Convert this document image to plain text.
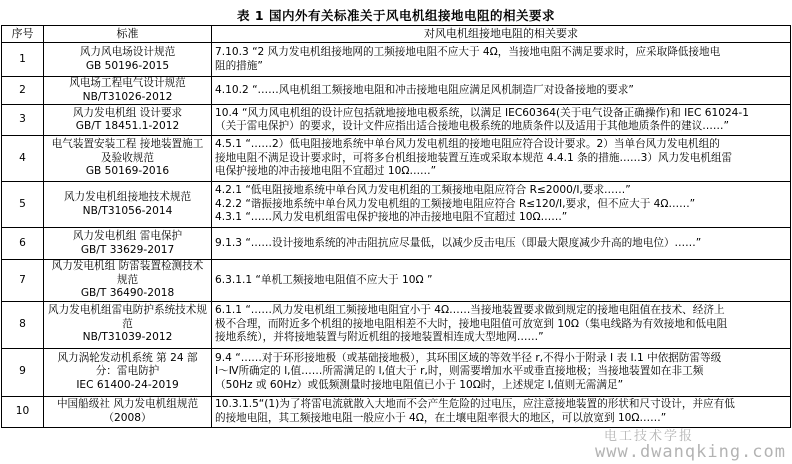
表 1 国内外有关标准关于风电机组接地电阻的相关要求
序号	标准	对风电机组接地电阻的相关要求
1	风力风电场设计规范
GB 50196-2015	7.10.3 “2 风力发电机组接地网的工频接地电阻不应大于 4Ω，当接地电阻不满足要求时，应采取降低接地电
阻的措施”

2	风电场工程电气设计规范
NB/T31026-2012	4.10.2 “……风电机组工频接地电阻和冲击接地电阻应满足风机制造厂对设备接地的要求”

3	风力发电机组 设计要求
GB/T 18451.1-2012	10.4 “风力风电机组的设计应包括就地接地电极系统，以满足 IEC60364(关于电气设备正确操作)和 IEC 61024-1
（关于雷电保护）的要求，设计文件应指出适合接地电极系统的地质条件以及适用于其他地质条件的建议……”

4	电气装置安装工程 接地装置施工及验收规范
GB 50169-2016	4.5.1 “……2）低电阻接地系统中单台风力发电机组的接地电阻应符合设计要求。2）当单台风力发电机组的
接地电阻不满足设计要求时，可将多台机组接地装置互连或采取本规范 4.4.1 条的措施……3）风力发电机组雷
电保护接地的冲击接地电阻不宜超过 10Ω……”

5	风力发电机组接地技术规范
NB/T31056-2014	4.2.1 “低电阻接地系统中单台风力发电机组的工频接地电阻应符合 R≤2000/I,要求……”
4.2.2 “谐振接地系统中单台风力发电机组的工频接地电阻应符合 R≤120/I,要求，但不应大于 4Ω……”
4.3.1 “……风力发电机组雷电保护接地的冲击接地电阻不宜超过 10Ω……”

6	风力发电机组 雷电保护
GB/T 33629-2017	9.1.3 “……设计接地系统的冲击阻抗应尽量低，以减少反击电压（即最大限度减少升高的地电位）……”

7	风力发电机组 防雷装置检测技术规范
GB/T 36490-2018	6.3.1.1 “单机工频接地电阻值不应大于 10Ω ”

8	风力发电机组雷电防护系统技术规范
NB/T31039-2012	6.1.1 “……风力发电机组工频接地电阻宜小于 4Ω……当接地装置要求做到规定的接地电阻值在技术、经济上
极不合理，而附近多个机组的接地电阻相差不大时，接地电阻值可放宽到 10Ω（集电线路为有效接地和低电阻
接地系统），并将接地装置与附近机组的接地装置相连成大型地网……”

9	风力涡轮发动机系统 第 24 部分：雷电防护
IEC 61400-24-2019	9.4 “……对于环形接地极（或基础接地极），其环围区域的等效半径 r,不得小于附录 I 表 I.1 中依据防雷等级
Ⅰ～Ⅳ所确定的 l,值……所需满足的 l,值大于 r,时，则需要增加水平或垂直接地极；当接地装置如在非工频
（50Hz 或 60Hz）或低频测量时接地电阻值已小于 10Ω时，上述规定 l,值则无需满足”

10	中国船级社 风力发电机组规范（2008）	10.3.1.5“(1)为了将雷电流就散入大地而不会产生危险的过电压，应注意接地装置的形状和尺寸设计，并应有低
的接地电阻，其工频接地电阻一般应小于 4Ω，在土壤电阻率很大的地区，可以放宽到 10Ω……”
电工技术学报
www.dwanqking.com
